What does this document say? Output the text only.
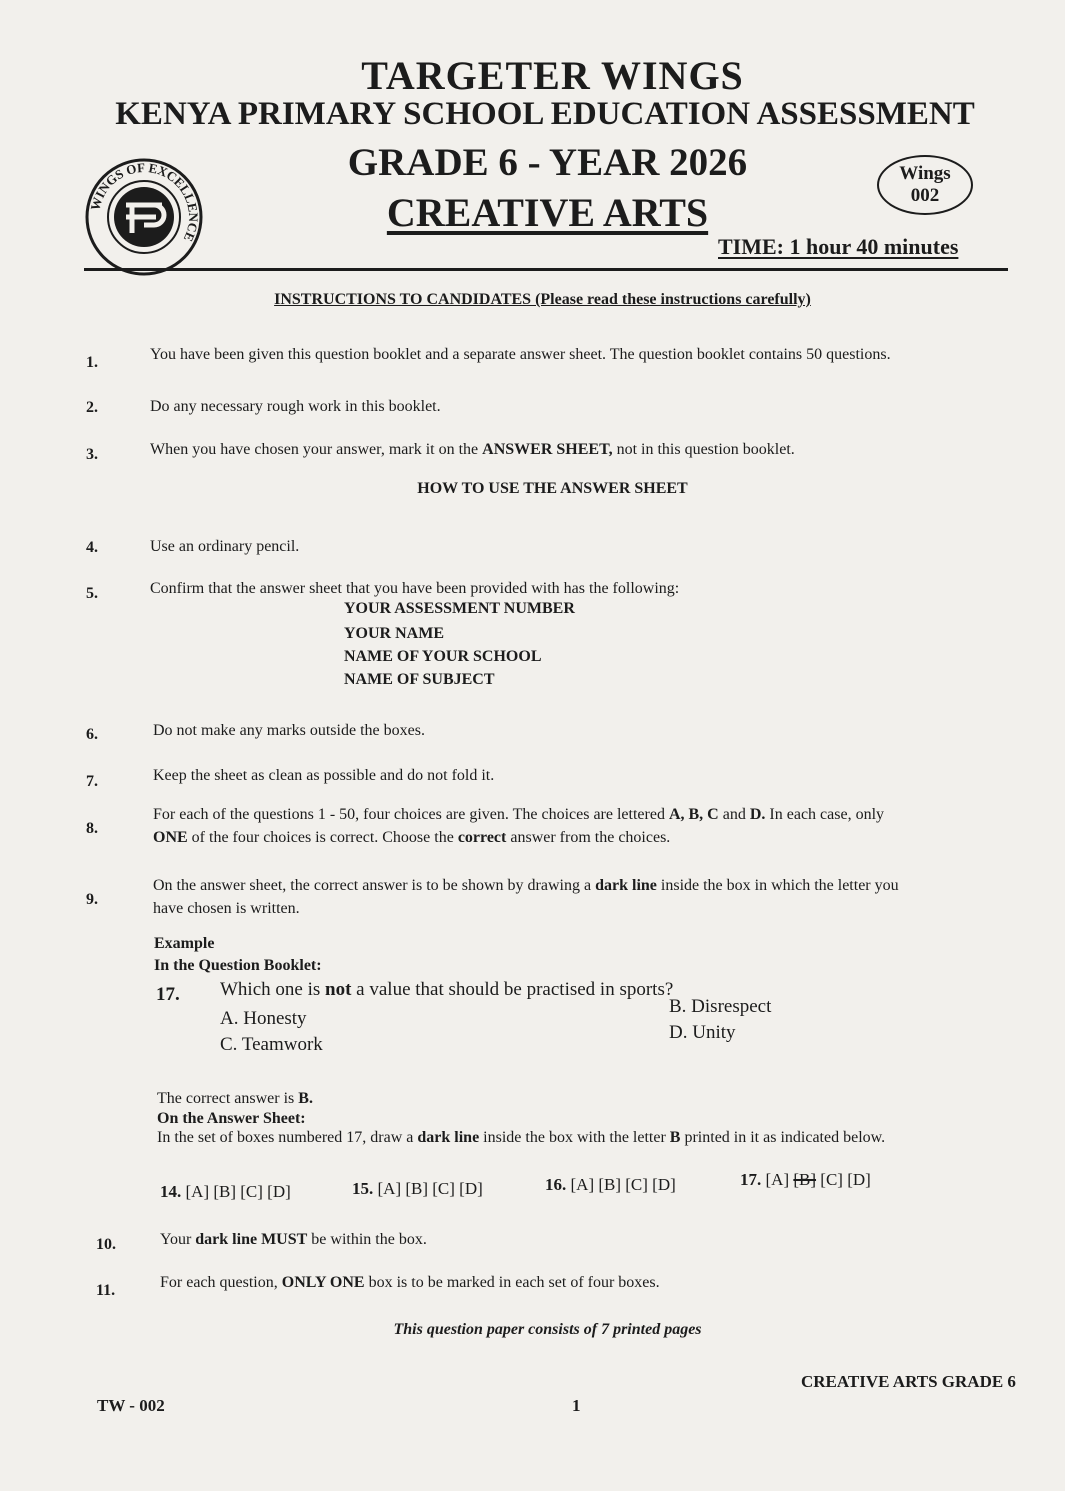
TARGETER WINGS
KENYA PRIMARY SCHOOL EDUCATION ASSESSMENT
GRADE 6 - YEAR 2026
CREATIVE ARTS
WINGS OF EXCELLENCE
Wings
002
TIME: 1 hour 40 minutes
INSTRUCTIONS TO CANDIDATES (Please read these instructions carefully)
1.	You have been given this question booklet and a separate answer sheet. The question booklet contains 50 questions.
2.	Do any necessary rough work in this booklet.
3.	When you have chosen your answer, mark it on the ANSWER SHEET, not in this question booklet.
HOW TO USE THE ANSWER SHEET
4.	Use an ordinary pencil.
5.	Confirm that the answer sheet that you have been provided with has the following:
YOUR ASSESSMENT NUMBER
YOUR NAME
NAME OF YOUR SCHOOL
NAME OF SUBJECT
6.	Do not make any marks outside the boxes.
7.	Keep the sheet as clean as possible and do not fold it.
8.
For each of the questions 1 - 50, four choices are given. The choices are lettered A, B, C and D. In each case, only
ONE of the four choices is correct. Choose the correct answer from the choices.
9.
On the answer sheet, the correct answer is to be shown by drawing a dark line inside the box in which the letter you
have chosen is written.
Example
In the Question Booklet:
17. Which one is not a value that should be practised in sports?
A. Honesty
B. Disrespect
C. Teamwork
D. Unity
The correct answer is B.
On the Answer Sheet:
In the set of boxes numbered 17, draw a dark line inside the box with the letter B printed in it as indicated below.
14. [A] [B] [C] [D]	15. [A] [B] [C] [D]	16. [A] [B] [C] [D]	17. [A] [B] [C] [D]
10.	Your dark line MUST be within the box.
11.	For each question, ONLY ONE box is to be marked in each set of four boxes.
This question paper consists of 7 printed pages
CREATIVE ARTS GRADE 6
TW - 002	1
